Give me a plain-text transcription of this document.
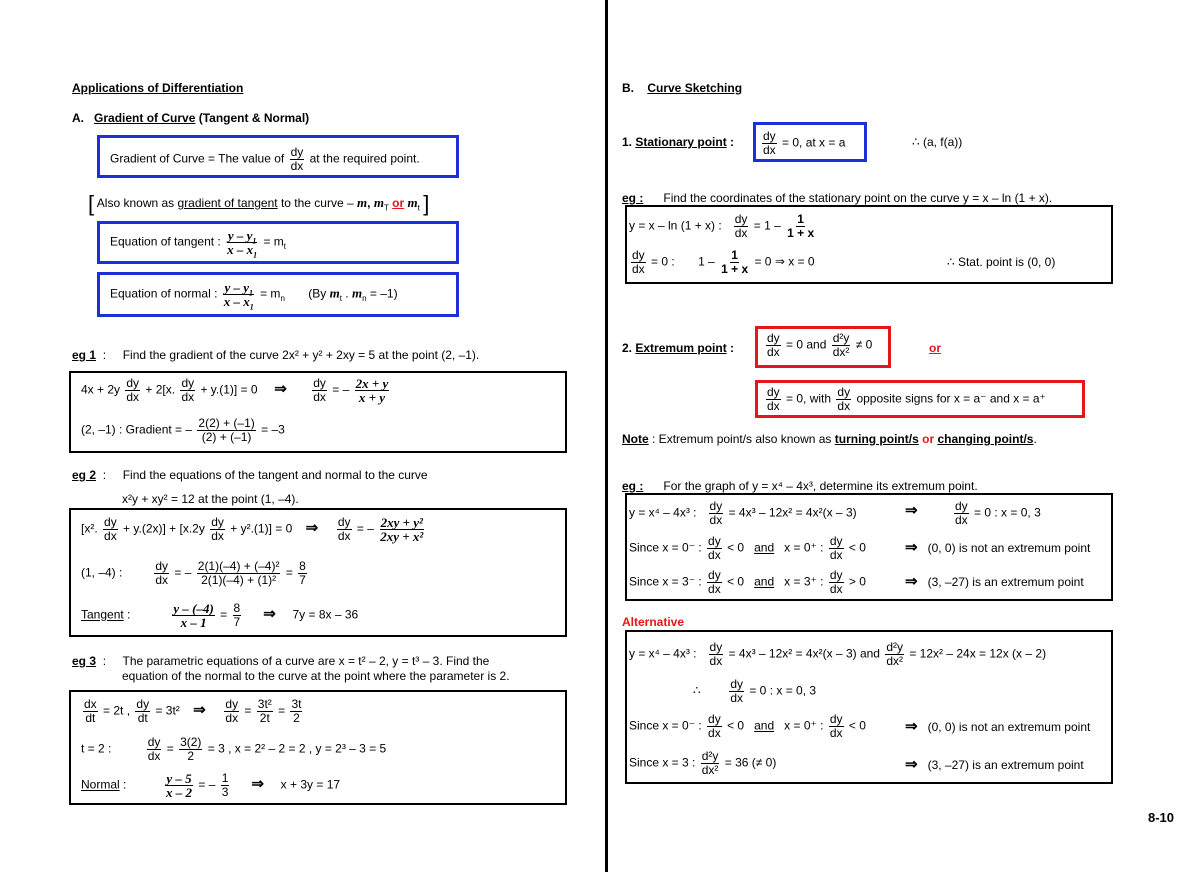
Applications of Differentiation
A. Gradient of Curve (Tangent & Normal)
Gradient of Curve = The value of $\frac{dy}{dx}$ at the required point.
[ Also known as gradient of tangent to the curve – m, $m_T$ or $m_t$ ]
Equation of tangent : $\frac{y - y_1}{x - x_1} = m_t$
Equation of normal : $\frac{y - y_1}{x - x_1} = m_n$ (By $m_t$ . $m_n = -1$)
eg 1  :     Find the gradient of the curve 2x² + y² + 2xy = 5 at the point (2, –1).
$4x + 2y \frac{dy}{dx} + 2[x$. $\frac{dy}{dx} + y.(1)] = 0$ ⇒ $\frac{dy}{dx}$ = – $\frac{2x + y}{x + y}$
(2, –1) : Gradient = – $\frac{2(2) + (-1)}{(2) + (-1)} = -3$
eg 2  :     Find the equations of the tangent and normal to the curve
x²y + xy² = 12 at the point (1, –4).
[x². $\frac{dy}{dx} + y.(2x)] + [x.2y \frac{dy}{dx} + y^2.(1)] = 0$ ⇒ $\frac{dy}{dx}$ = – $\frac{\text{2xy + y²}}{\text{2xy + x²}}$
(1, –4) :	$\frac{dy}{dx}$ = – $\frac{\text{2(1)(–4) + (–4)²}}{\text{2(1)(–4) + (1)²}} = \frac{8}{7}$
Tangent : $\frac{y - (-4)}{x - 1} = \frac{8}{7}$ ⇒ 7y = 8x – 36
eg 3  :     The parametric equations of a curve are x = t² – 2, y = t³ – 3. Find the
equation of the normal to the curve at the point where the parameter is 2.
$\frac{dx}{dt} = 2t$ , $\frac{dy}{dt} = 3t^2$ ⇒ $\frac{dy}{dx} = \frac{\text{3t²}}{2t} = \frac{3t}{2}$
t = 2 :	$\frac{dy}{dx} = \frac{3(2)}{2} = 3$ , x = 2² – 2 = 2 , y = 2³ – 3 = 5
Normal : $\frac{y - 5}{x - 2}$ = – $\frac{1}{3}$ ⇒ x + 3y = 17
B. Curve Sketching
1. Stationary point : $\frac{dy}{dx} = 0$, at x = a	∴ (a, f(a))
eg : Find the coordinates of the stationary point on the curve y = x – ln (1 + x).
y = x – ln (1 + x) : $\frac{dy}{dx} = 1 - \frac{1}{1 + x}$
$\frac{dy}{dx} = 0$ : $1 - \frac{1}{1 + x} = 0$ ⇒ x = 0	∴ Stat. point is (0, 0)
2. Extremum point :	$\frac{dy}{dx} = 0$ and $\frac{\text{d²y}}{\text{dx²}} \ne 0$	or
$\frac{dy}{dx} = 0$, with $\frac{dy}{dx}$ opposite signs for x = a⁻ and x = a⁺
Note : Extremum point/s also known as turning point/s or changing point/s.
eg : For the graph of y = x⁴ – 4x³, determine its extremum point.
y = x⁴ – 4x³ : $\frac{dy}{dx} = 4x^3 - 12x^2 = 4x^2(x - 3)$	⇒	$\frac{dy}{dx} = 0$ : x = 0, 3
Since x = 0⁻ : $\frac{dy}{dx} < 0$ and x = 0⁺ : $\frac{dy}{dx} < 0$	⇒ (0, 0) is not an extremum point
Since x = 3⁻ : $\frac{dy}{dx} < 0$ and x = 3⁺ : $\frac{dy}{dx} > 0$	⇒ (3, –27) is an extremum point
Alternative
y = x⁴ – 4x³ : $\frac{dy}{dx} = 4x^3 - 12x^2 = 4x^2(x - 3)$ and $\frac{\text{d²y}}{\text{dx²}} = 12x^2 - 24x = 12x$ (x – 2)
∴ $\frac{dy}{dx} = 0$ : x = 0, 3
Since x = 0⁻ : $\frac{dy}{dx} < 0$ and x = 0⁺ : $\frac{dy}{dx} < 0$	⇒ (0, 0) is not an extremum point
Since x = 3 : $\frac{\text{d²y}}{\text{dx²}} = 36$ (≠ 0)	⇒ (3, –27) is an extremum point
8-10
